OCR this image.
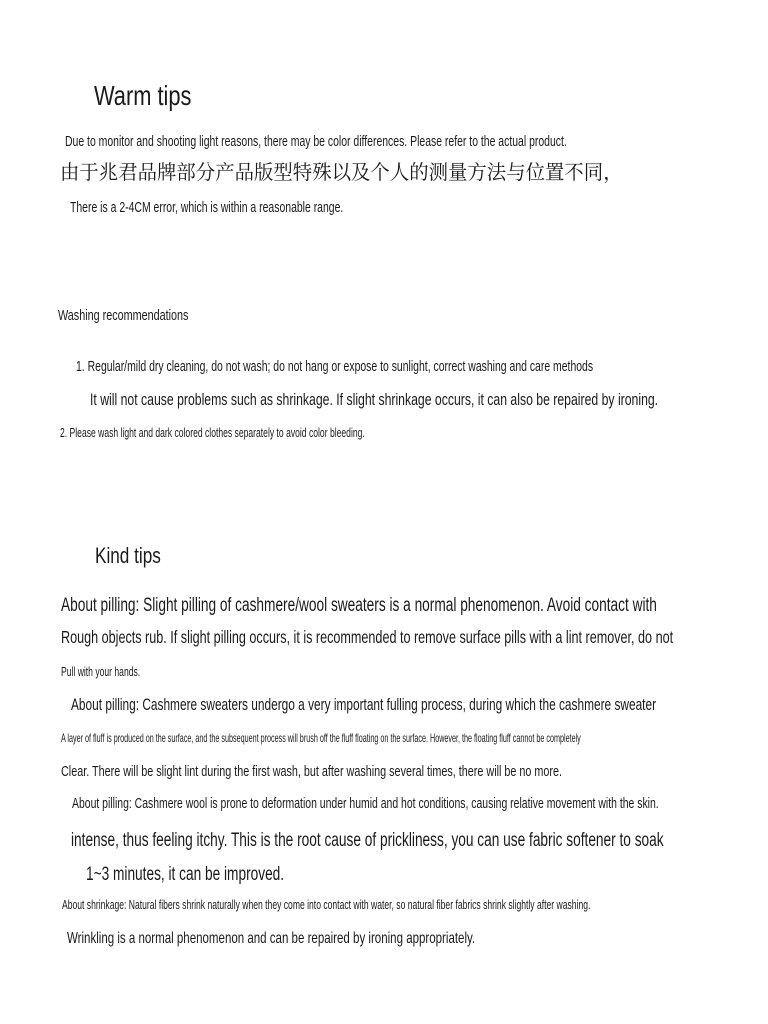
Warm tips
Due to monitor and shooting light reasons, there may be color differences. Please refer to the actual product.
由于兆君品牌部分产品版型特殊以及个人的测量方法与位置不同，
There is a 2-4CM error, which is within a reasonable range.
Washing recommendations
1. Regular/mild dry cleaning, do not wash; do not hang or expose to sunlight, correct washing and care methods
It will not cause problems such as shrinkage. If slight shrinkage occurs, it can also be repaired by ironing.
2. Please wash light and dark colored clothes separately to avoid color bleeding.
Kind tips
About pilling: Slight pilling of cashmere/wool sweaters is a normal phenomenon. Avoid contact with
Rough objects rub. If slight pilling occurs, it is recommended to remove surface pills with a lint remover, do not
Pull with your hands.
About pilling: Cashmere sweaters undergo a very important fulling process, during which the cashmere sweater
A layer of fluff is produced on the surface, and the subsequent process will brush off the fluff floating on the surface. However, the floating fluff cannot be completely
Clear. There will be slight lint during the first wash, but after washing several times, there will be no more.
About pilling: Cashmere wool is prone to deformation under humid and hot conditions, causing relative movement with the skin.
intense, thus feeling itchy. This is the root cause of prickliness, you can use fabric softener to soak
1~3 minutes, it can be improved.
About shrinkage: Natural fibers shrink naturally when they come into contact with water, so natural fiber fabrics shrink slightly after washing.
Wrinkling is a normal phenomenon and can be repaired by ironing appropriately.
